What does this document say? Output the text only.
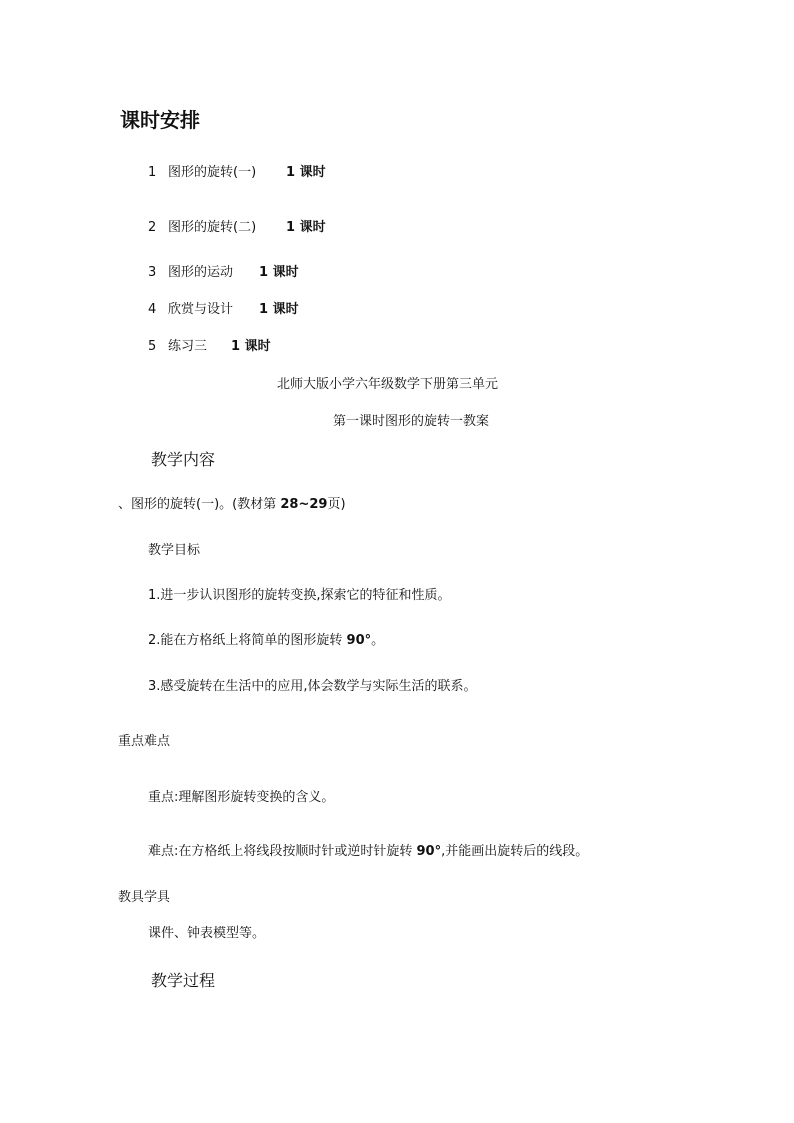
课时安排
1 图形的旋转(一) 1 课时
2 图形的旋转(二) 1 课时
3 图形的运动 1 课时
4 欣赏与设计 1 课时
5 练习三 1 课时
北师大版小学六年级数学下册第三单元
第一课时图形的旋转一教案
教学内容
、图形的旋转(一)。(教材第 28~29页)
教学目标
1.进一步认识图形的旋转变换,探索它的特征和性质。
2.能在方格纸上将简单的图形旋转 90°。
3.感受旋转在生活中的应用,体会数学与实际生活的联系。
重点难点
重点:理解图形旋转变换的含义。
难点:在方格纸上将线段按顺时针或逆时针旋转 90°,并能画出旋转后的线段。
教具学具
课件、钟表模型等。
教学过程
